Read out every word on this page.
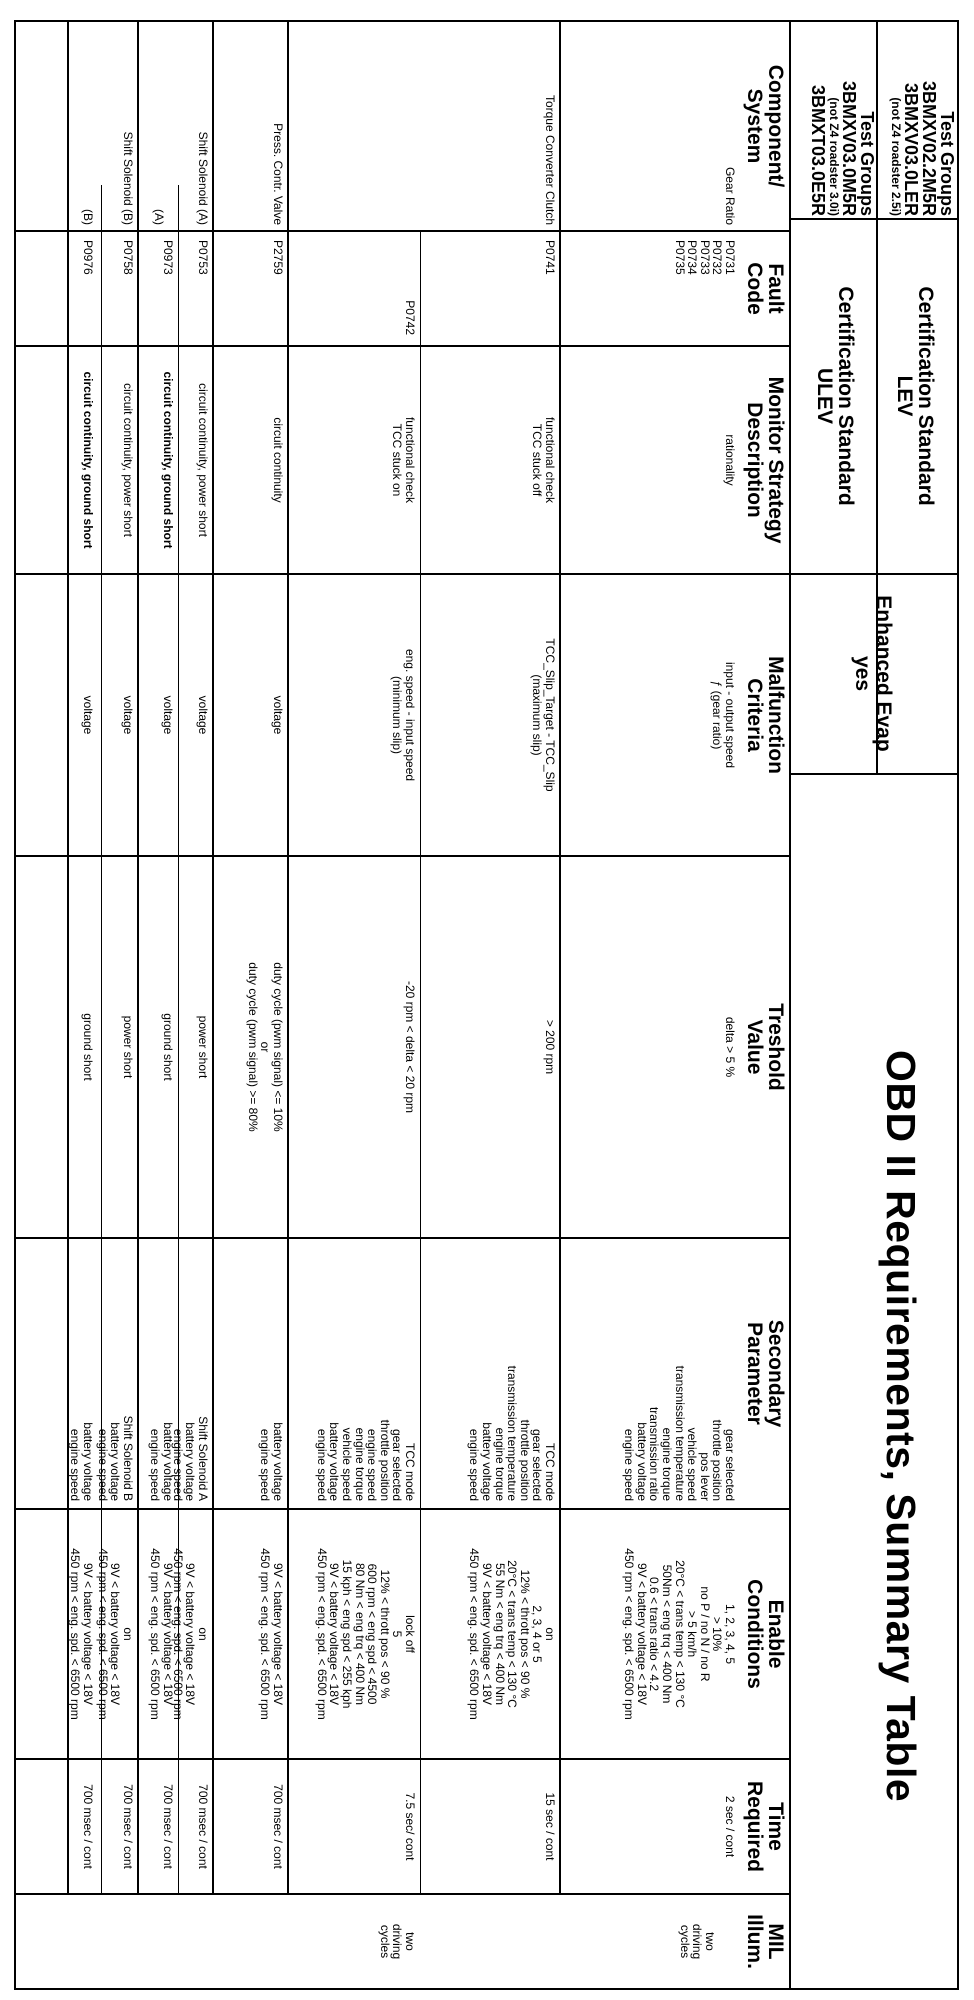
OBD II Requirements, Summary Table
Test Groups
3BMXV02.2M5R
3BMXV03.0LER
(not Z4 roadster 2.5i)
Test Groups
3BMXV03.0M5R
(not Z4 roadster 3.0i)
3BMXT03.0E5R
Certification Standard
LEV
Certification Standard
ULEV
Enhanced Evap
yes
Component/
System
Fault
Code
Monitor Strategy
Description
Malfunction
Criteria
Treshold
Value
Secondary
Parameter
Enable
Conditions
Time
Required
MIL
Illum.
Gear Ratio
P0731
P0732
P0733
P0734
P0735
rationality
input - output speed
ƒ (gear ratio)
delta > 5 %
gear selected
throttle position
pos lever
vehicle speed
transmission temperature
engine torque
transmission ratio
battery voltage
engine speed
1, 2, 3, 4, 5
> 10%
no P / no N / no R
> 5 km/h
20°C < trans temp < 130 °C
50Nm < eng trq < 400 Nm
0.6 < trans ratio < 4.2
9V < battery voltage < 18V
450 rpm < eng. spd. < 6500 rpm
2 sec / cont
two
driving
cycles
Torque Converter Clutch
P0741
functional check
TCC stuck off
TCC_Slip_Target - TCC_Slip
(maximum slip)
> 200 rpm
TCC mode
gear selected
throttle position
transmission temperature
engine torque
battery voltage
engine speed
on
2, 3, 4 or 5
12% < thrott pos < 90 %
20°C < trans temp < 130 °C
55 Nm < eng trq < 400 Nm
9V < battery voltage < 18V
450 rpm < eng. spd. < 6500 rpm
15 sec / cont
P0742
functional check
TCC stuck on
eng. speed - input speed
(minimum slip)
-20 rpm < delta < 20 rpm
TCC mode
gear selected
throttle position
engine speed
engine torque
vehicle speed
battery voltage
engine speed
lock off
5
12% < thrott pos < 90 %
600 rpm < eng spd < 4500
80 Nm < eng trq < 400 Nm
15 kph < eng spd < 255 kph
9V < battery voltage < 18V
450 rpm < eng. spd. < 6500 rpm
7.5 sec/ cont
two
driving
cycles
Press. Contr. Valve
P2759
circuit continuity
voltage
duty cycle (pwm signal) <= 10%
or
duty cycle (pwm signal) >= 80%
battery voltage
engine speed
9V < battery voltage < 18V
450 rpm < eng. spd. < 6500 rpm
700 msec / cont
Shift Solenoid (A)
P0753
circuit continuity, power short
voltage
power short
Shift Solenoid A
battery voltage
engine speed
on
9V < battery voltage < 18V
450 rpm < eng. spd. < 6500 rpm
700 msec / cont
(A)
P0973
circuit continuity, ground short
voltage
ground short
battery voltage
engine speed
9V < battery voltage < 18V
450 rpm < eng. spd. < 6500 rpm
700 msec / cont
Shift Solenoid (B)
P0758
circuit continuity, power short
voltage
power short
Shift Solenoid B
battery voltage
engine speed
on
9V < battery voltage < 18V
450 rpm < eng. spd. < 6500 rpm
700 msec / cont
(B)
P0976
circuit continuity, ground short
voltage
ground short
battery voltage
engine speed
9V < battery voltage < 18V
450 rpm < eng. spd. < 6500 rpm
700 msec / cont
